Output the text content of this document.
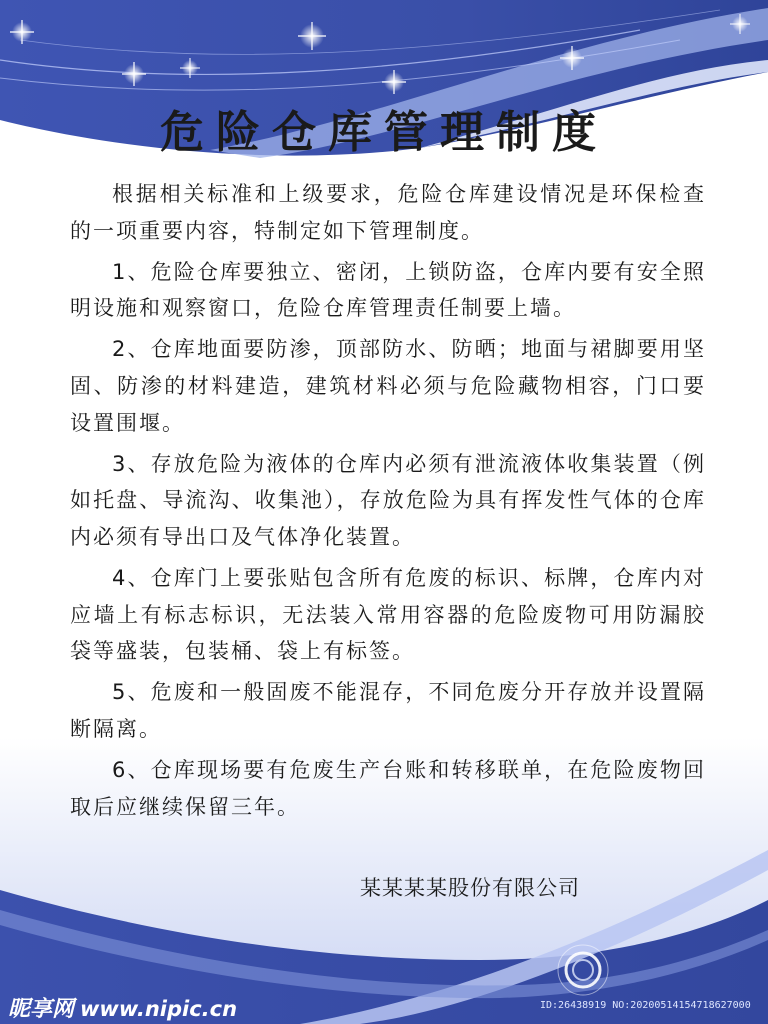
危险仓库管理制度

根据相关标准和上级要求，危险仓库建设情况是环保检查的一项重要内容，特制定如下管理制度。

1、危险仓库要独立、密闭，上锁防盗，仓库内要有安全照明设施和观察窗口，危险仓库管理责任制要上墙。

2、仓库地面要防渗，顶部防水、防晒；地面与裙脚要用坚固、防渗的材料建造，建筑材料必须与危险藏物相容，门口要设置围堰。

3、存放危险为液体的仓库内必须有泄流液体收集装置（例如托盘、导流沟、收集池），存放危险为具有挥发性气体的仓库内必须有导出口及气体净化装置。

4、仓库门上要张贴包含所有危废的标识、标牌，仓库内对应墙上有标志标识，无法装入常用容器的危险废物可用防漏胶袋等盛装，包装桶、袋上有标签。

5、危废和一般固废不能混存，不同危废分开存放并设置隔断隔离。

6、仓库现场要有危废生产台账和转移联单，在危险废物回取后应继续保留三年。

某某某某股份有限公司
昵享网 www.nipic.cn	ID:26438919 NO:20200514154718627000
